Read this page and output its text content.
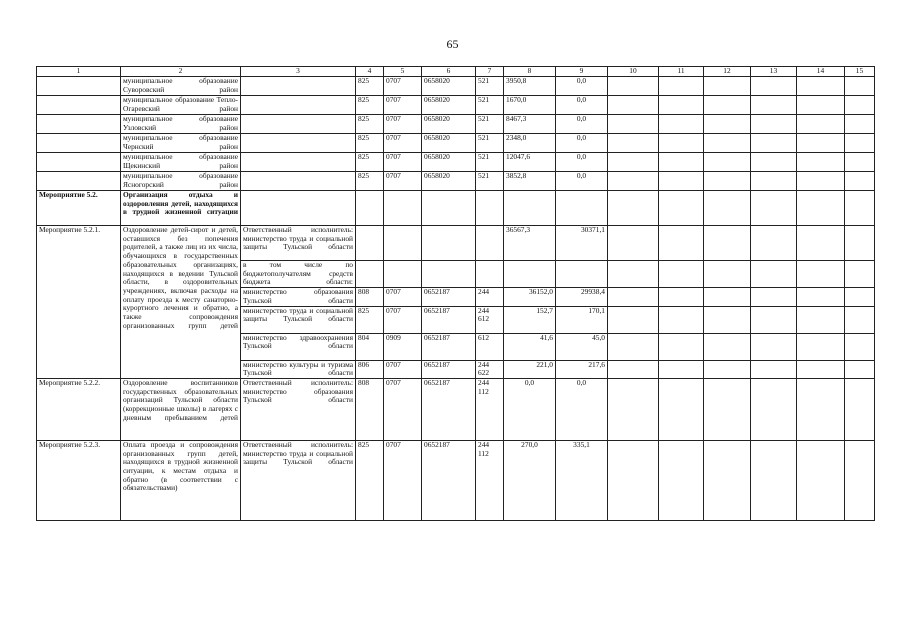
65
1	2	3	4	5	6	7	8	9	10	11	12	13	14	15
	муниципальное образование Суворовский район		825	0707	0658020	521	3950,8	0,0						
	муниципальное образование Тепло-Огаревский район		825	0707	0658020	521	1670,0	0,0						
	муниципальное образование Узловский район		825	0707	0658020	521	8467,3	0,0						
	муниципальное образование Чернский район		825	0707	0658020	521	2348,0	0,0						
	муниципальное образование Щекинский район		825	0707	0658020	521	12047,6	0,0						
	муниципальное образование Ясногорский район		825	0707	0658020	521	3852,8	0,0						
Мероприятие 5.2.	Организация отдыха и оздоровления детей, находящихся в трудной жизненной ситуации													
Мероприятие 5.2.1.	Оздоровление детей-сирот и детей, оставшихся без попечения родителей, а также лиц из их числа, обучающихся в государственных образовательных организациях, находящихся в ведении Тульской области, в оздоровительных учреждениях, включая расходы на оплату проезда к месту санаторно-курортного лечения и обратно, а также сопровождения организованных групп детей	Ответственный исполнитель: министерство труда и социальной защиты Тульской области					36567,3	30371,1						
		в том числе по бюджетополучателям средств бюджета области:												
		министерство образования Тульской области	808	0707	0652187	244	36152,0	29938,4						
		министерство труда и социальной защиты Тульской области	825	0707	0652187	244 612	152,7	170,1						
		министерство здравоохранения Тульской области	804	0909	0652187	612	41,6	45,0						
		министерство культуры и туризма Тульской области	806	0707	0652187	244 622	221,0	217,6						
Мероприятие 5.2.2.	Оздоровление воспитанников государственных образовательных организаций Тульской области (коррекционные школы) в лагерях с дневным пребыванием детей	Ответственный исполнитель: министерство образования Тульской области	808	0707	0652187	244 112	0,0	0,0						
Мероприятие 5.2.3.	Оплата проезда и сопровождения организованных групп детей, находящихся в трудной жизненной ситуации, к местам отдыха и обратно (в соответствии с обязательствами)	Ответственный исполнитель: министерство труда и социальной защиты Тульской области	825	0707	0652187	244 112	270,0	335,1						
